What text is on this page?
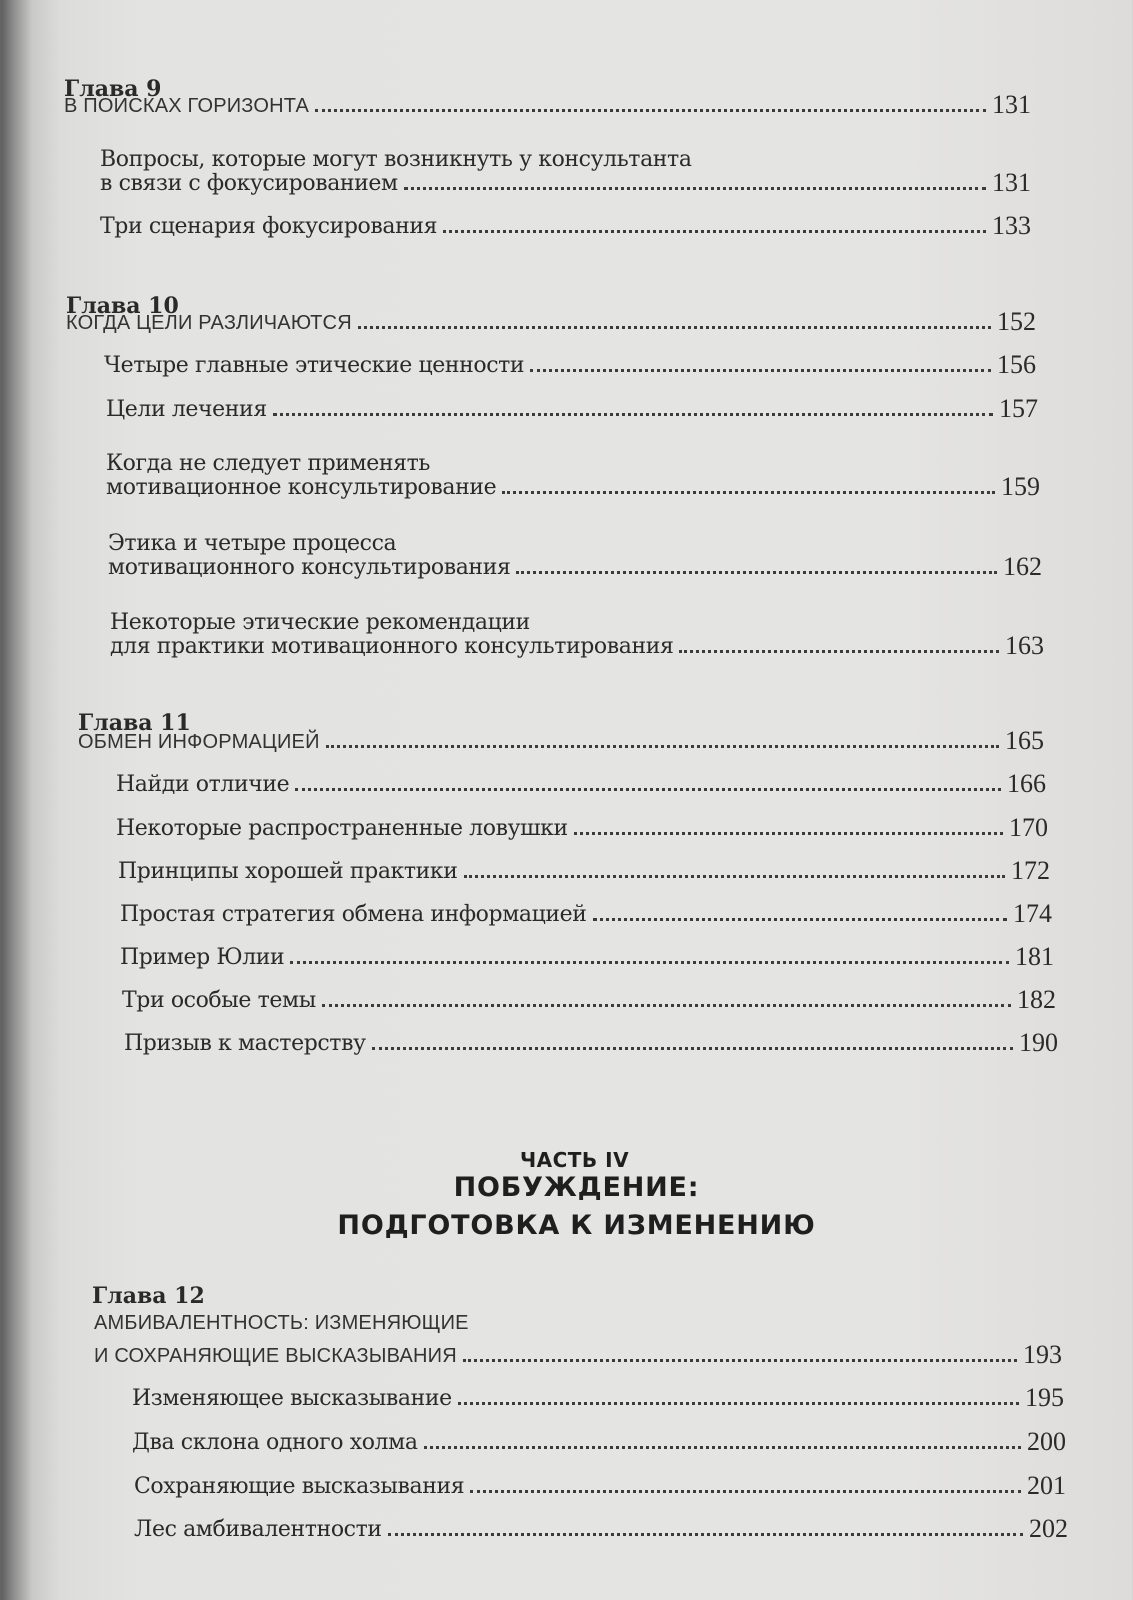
Глава 9
В ПОИСКАХ ГОРИЗОНТА	131
Вопросы, которые могут возникнуть у консультанта
в связи с фокусированием	131
Три сценария фокусирования	133
Глава 10
КОГДА ЦЕЛИ РАЗЛИЧАЮТСЯ	152
Четыре главные этические ценности	156
Цели лечения	157
Когда не следует применять
мотивационное консультирование	159
Этика и четыре процесса
мотивационного консультирования	162
Некоторые этические рекомендации
для практики мотивационного консультирования	163
Глава 11
ОБМЕН ИНФОРМАЦИЕЙ	165
Найди отличие	166
Некоторые распространенные ловушки	170
Принципы хорошей практики	172
Простая стратегия обмена информацией	174
Пример Юлии	181
Три особые темы	182
Призыв к мастерству	190
ЧАСТЬ IV
ПОБУЖДЕНИЕ:
ПОДГОТОВКА К ИЗМЕНЕНИЮ
Глава 12
АМБИВАЛЕНТНОСТЬ: ИЗМЕНЯЮЩИЕ
И СОХРАНЯЮЩИЕ ВЫСКАЗЫВАНИЯ	193
Изменяющее высказывание	195
Два склона одного холма	200
Сохраняющие высказывания	201
Лес амбивалентности	202
